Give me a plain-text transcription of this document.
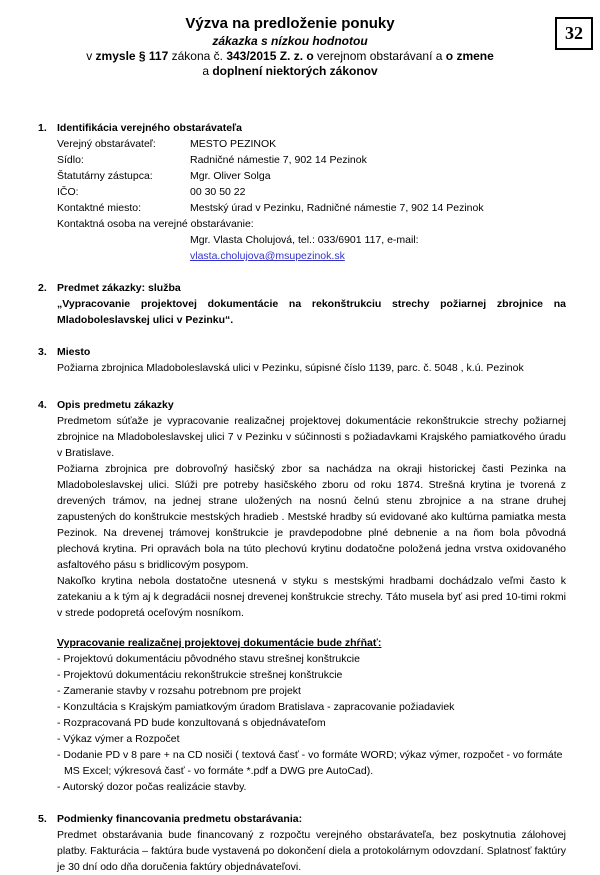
32
Výzva na predloženie ponuky
zákazka s nízkou hodnotou
v zmysle § 117 zákona č. 343/2015 Z. z. o verejnom obstarávaní a o zmene
a doplnení niektorých zákonov
1. Identifikácia verejného obstarávateľa
Verejný obstarávateľ:	MESTO PEZINOK
Sídlo:	Radničné námestie 7, 902 14 Pezinok
Štatutárny zástupca:	Mgr. Oliver Solga
IČO:	00 30 50 22
Kontaktné miesto:	Mestský úrad v Pezinku, Radničné námestie 7, 902 14 Pezinok
Kontaktná osoba na verejné obstarávanie:
Mgr. Vlasta Cholujová, tel.: 033/6901 117, e-mail:
vlasta.cholujova@msupezinok.sk
2. Predmet zákazky: služba
„Vypracovanie projektovej dokumentácie na rekonštrukciu strechy požiarnej zbrojnice na Mladoboleslavskej ulici v Pezinku“.
3. Miesto
Požiarna zbrojnica Mladoboleslavská ulici v Pezinku, súpisné číslo 1139, parc. č. 5048 , k.ú. Pezinok
4. Opis predmetu zákazky
Predmetom súťaže je vypracovanie realizačnej projektovej dokumentácie rekonštrukcie strechy požiarnej zbrojnice na Mladoboleslavskej ulici 7 v Pezinku v súčinnosti s požiadavkami Krajského pamiatkového úradu v Bratislave.
Požiarna zbrojnica pre dobrovoľný hasičský zbor sa nachádza na okraji historickej časti Pezinka na Mladoboleslavskej ulici. Slúži pre potreby hasičského zboru od roku 1874. Strešná krytina je tvorená z drevených trámov, na jednej strane uložených na nosnú čelnú stenu zbrojnice a na strane druhej zapustených do konštrukcie mestských hradieb . Mestské hradby sú evidované ako kultúrna pamiatka mesta Pezinok. Na drevenej trámovej konštrukcie je pravdepodobne plné debnenie a na ňom bola pôvodná plechová krytina. Pri opravách bola na túto plechovú krytinu dodatočne položená jedna vrstva oxidovaného asfaltového pásu s bridlicovým posypom.
Nakoľko krytina nebola dostatočne utesnená v styku s mestskými hradbami dochádzalo veľmi často k zatekaniu a k tým aj k degradácii nosnej drevenej konštrukcie strechy. Táto musela byť asi pred 10-timi rokmi v strede podopretá oceľovým nosníkom.
Vypracovanie realizačnej projektovej dokumentácie bude zhŕňať:
- Projektovú dokumentáciu pôvodného stavu strešnej konštrukcie
- Projektovú dokumentáciu rekonštrukcie strešnej konštrukcie
- Zameranie stavby v rozsahu potrebnom pre projekt
- Konzultácia s Krajským pamiatkovým úradom Bratislava - zapracovanie požiadaviek
- Rozpracovaná PD bude konzultovaná s objednávateľom
- Výkaz výmer a Rozpočet
- Dodanie PD v 8 pare + na CD nosiči ( textová časť - vo formáte WORD; výkaz výmer, rozpočet - vo formáte MS Excel; výkresová časť - vo formáte *.pdf a DWG pre AutoCad).
- Autorský dozor počas realizácie stavby.
5. Podmienky financovania predmetu obstarávania:
Predmet obstarávania bude financovaný z rozpočtu verejného obstarávateľa, bez poskytnutia zálohovej platby. Fakturácia – faktúra bude vystavená po dokončení diela a protokolárnym odovzdaní. Splatnosť faktúry je 30 dní odo dňa doručenia faktúry objednávateľovi.
